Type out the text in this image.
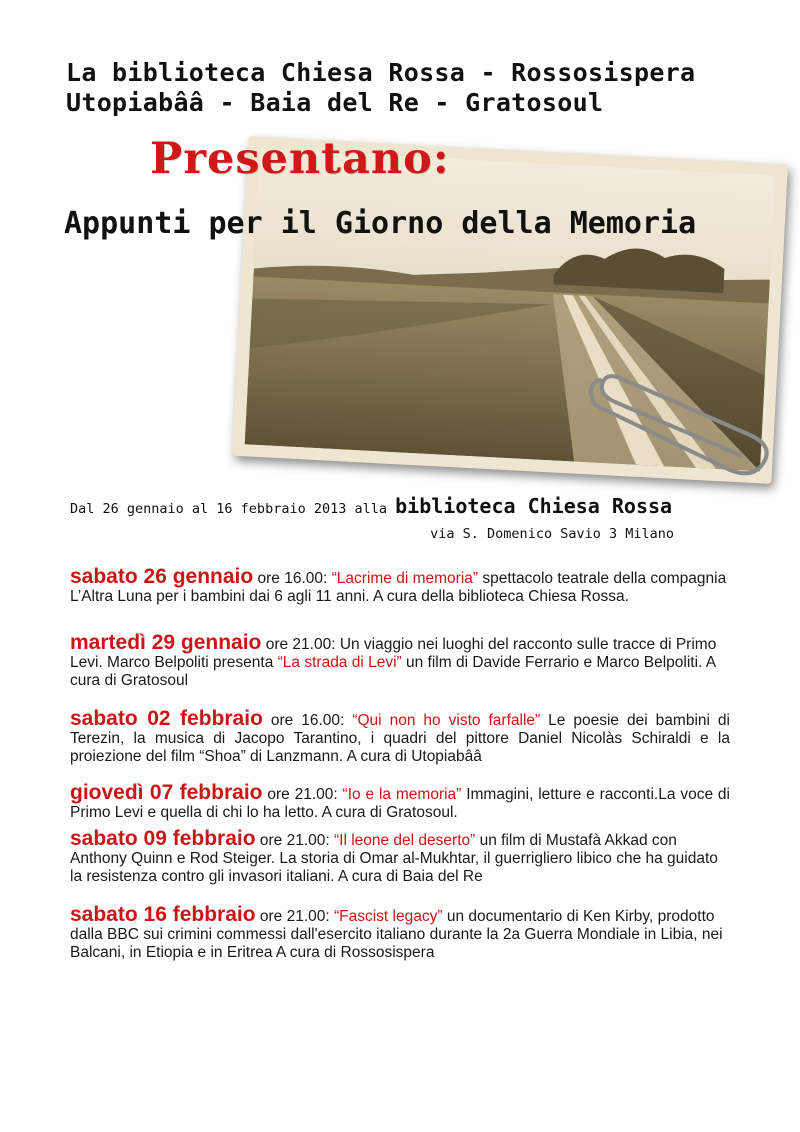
La biblioteca Chiesa Rossa - Rossosispera
Utopiabââ - Baia del Re - Gratosoul
Presentano:
Appunti per il Giorno della Memoria
Dal 26 gennaio al 16 febbraio 2013 alla biblioteca Chiesa Rossa
via S. Domenico Savio 3 Milano
sabato 26 gennaio ore 16.00: “Lacrime di memoria” spettacolo teatrale della compagnia L’Altra Luna per i bambini dai 6 agli 11 anni. A cura della biblioteca Chiesa Rossa.
martedì 29 gennaio ore 21.00: Un viaggio nei luoghi del racconto sulle tracce di Primo Levi. Marco Belpoliti presenta “La strada di Levi” un film di Davide Ferrario e Marco Belpoliti. A cura di Gratosoul
sabato 02 febbraio ore 16.00: “Qui non ho visto farfalle” Le poesie dei bambini di Terezin, la musica di Jacopo Tarantino, i quadri del pittore Daniel Nicolàs Schiraldi e la proiezione del film “Shoa” di Lanzmann. A cura di Utopiabââ
giovedì 07 febbraio ore 21.00: “Io e la memoria” Immagini, letture e racconti.La voce di Primo Levi e quella di chi lo ha letto. A cura di Gratosoul.
sabato 09 febbraio ore 21.00: “Il leone del deserto” un film di Mustafà Akkad con Anthony Quinn e Rod Steiger. La storia di Omar al-Mukhtar, il guerrigliero libico che ha guidato la resistenza contro gli invasori italiani. A cura di Baia del Re
sabato 16 febbraio ore 21.00: “Fascist legacy” un documentario di Ken Kirby, prodotto dalla BBC sui crimini commessi dall'esercito italiano durante la 2a Guerra Mondiale in Libia, nei Balcani, in Etiopia e in Eritrea A cura di Rossosispera
